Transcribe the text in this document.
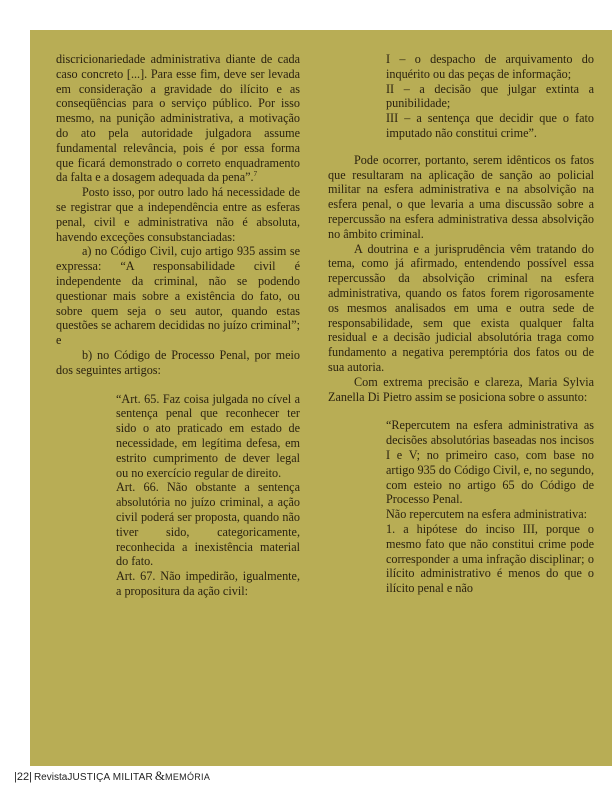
discricionariedade administrativa diante de cada caso concreto [...]. Para esse fim, deve ser levada em consideração a gravidade do ilícito e as conseqüências para o serviço público. Por isso mesmo, na punição administrativa, a motivação do ato pela autoridade julgadora assume fundamental relevância, pois é por essa forma que ficará demonstrado o correto enquadramento da falta e a dosagem adequada da pena”.$^7$

Posto isso, por outro lado há necessidade de se registrar que a independência entre as esferas penal, civil e administrativa não é absoluta, havendo exceções consubstanciadas:

a) no Código Civil, cujo artigo 935 assim se expressa: “A responsabilidade civil é independente da criminal, não se podendo questionar mais sobre a existência do fato, ou sobre quem seja o seu autor, quando estas questões se acharem decididas no juízo criminal”; e

b) no Código de Processo Penal, por meio dos seguintes artigos:

“Art. 65. Faz coisa julgada no cível a sentença penal que reconhecer ter sido o ato praticado em estado de necessidade, em legítima defesa, em estrito cumprimento de dever legal ou no exercício regular de direito.

Art. 66. Não obstante a sentença absolutória no juízo criminal, a ação civil poderá ser proposta, quando não tiver sido, categoricamente, reconhecida a inexistência material do fato.

Art. 67. Não impedirão, igualmente, a propositura da ação civil:

I – o despacho de arquivamento do inquérito ou das peças de informação;

II – a decisão que julgar extinta a punibilidade;

III – a sentença que decidir que o fato imputado não constitui crime”.

Pode ocorrer, portanto, serem idênticos os fatos que resultaram na aplicação de sanção ao policial militar na esfera administrativa e na absolvição na esfera penal, o que levaria a uma discussão sobre a repercussão na esfera administrativa dessa absolvição no âmbito criminal.

A doutrina e a jurisprudência vêm tratando do tema, como já afirmado, entendendo possível essa repercussão da absolvição criminal na esfera administrativa, quando os fatos forem rigorosamente os mesmos analisados em uma e outra sede de responsabilidade, sem que exista qualquer falta residual e a decisão judicial absolutória traga como fundamento a negativa peremptória dos fatos ou de sua autoria.

Com extrema precisão e clareza, Maria Sylvia Zanella Di Pietro assim se posiciona sobre o assunto:

“Repercutem na esfera administrativa as decisões absolutórias baseadas nos incisos I e V; no primeiro caso, com base no artigo 935 do Código Civil, e, no segundo, com esteio no artigo 65 do Código de Processo Penal.

Não repercutem na esfera administrativa:

1. a hipótese do inciso III, porque o mesmo fato que não constitui crime pode corresponder a uma infração disciplinar; o ilícito administrativo é menos do que o ilícito penal e não

|22| Revista JUSTIÇA MILITAR & MEMÓRIA
